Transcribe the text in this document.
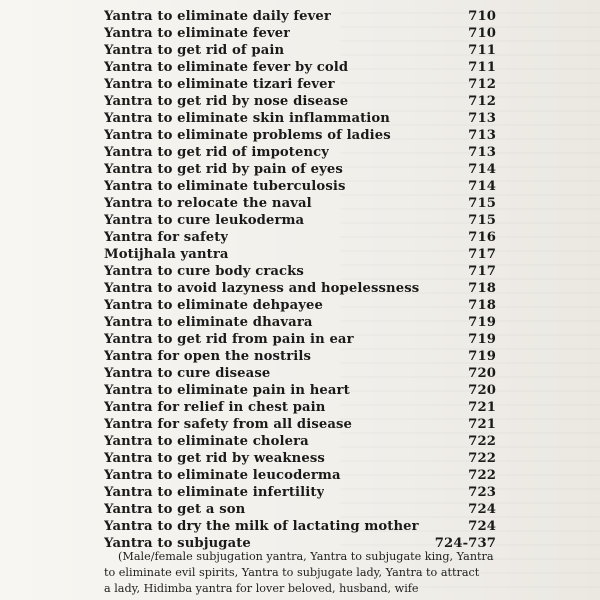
Yantra to eliminate daily fever	710
Yantra to eliminate fever	710
Yantra to get rid of pain	711
Yantra to eliminate fever by cold	711
Yantra to eliminate tizari fever	712
Yantra to get rid by nose disease	712
Yantra to eliminate skin inflammation	713
Yantra to eliminate problems of ladies	713
Yantra to get rid of impotency	713
Yantra to get rid by pain of eyes	714
Yantra to eliminate tuberculosis	714
Yantra to relocate the naval	715
Yantra to cure leukoderma	715
Yantra for safety	716
Motijhala yantra	717
Yantra to cure body cracks	717
Yantra to avoid lazyness and hopelessness	718
Yantra to eliminate dehpayee	718
Yantra to eliminate dhavara	719
Yantra to get rid from pain in ear	719
Yantra for open the nostrils	719
Yantra to cure disease	720
Yantra to eliminate pain in heart	720
Yantra for relief in chest pain	721
Yantra for safety from all disease	721
Yantra to eliminate cholera	722
Yantra to get rid by weakness	722
Yantra to eliminate leucoderma	722
Yantra to eliminate infertility	723
Yantra to get a son	724
Yantra to dry the milk of lactating mother	724
Yantra to subjugate	724-737
(Male/female subjugation yantra, Yantra to subjugate king, Yantra
to eliminate evil spirits, Yantra to subjugate lady, Yantra to attract
a lady, Hidimba yantra for lover beloved, husband, wife
